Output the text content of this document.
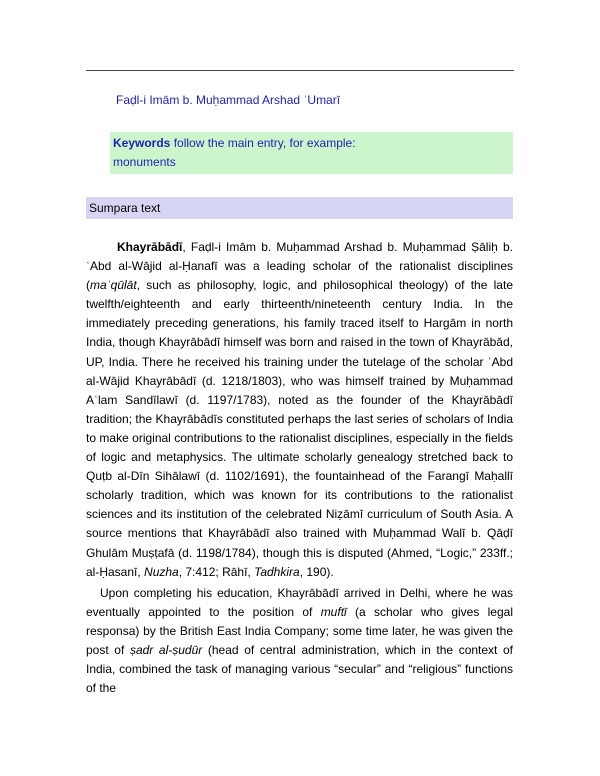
Faḍl-i Imām b. Muḥammad Arshad ʿUmarī
Keywords follow the main entry, for example:
monuments
Sumpara text

Khayrābādī, Faḍl-i Imām b. Muḥammad Arshad b. Muḥammad Ṣāliḥ b. ʿAbd al-Wājid al-Ḥanafī was a leading scholar of the rationalist disciplines (maʿqūlāt, such as philosophy, logic, and philosophical theology) of the late twelfth/eighteenth and early thirteenth/nineteenth century India. In the immediately preceding generations, his family traced itself to Hargām in north India, though Khayrābādī himself was born and raised in the town of Khayrābād, UP, India. There he received his training under the tutelage of the scholar ʿAbd al-Wājid Khayrābādī (d. 1218/1803), who was himself trained by Muḥammad Aʿlam Sandīlawī (d. 1197/1783), noted as the founder of the Khayrābādī tradition; the Khayrābādīs constituted perhaps the last series of scholars of India to make original contributions to the rationalist disciplines, especially in the fields of logic and metaphysics. The ultimate scholarly genealogy stretched back to Quṭb al-Dīn Sihālawī (d. 1102/1691), the fountainhead of the Farangī Maḥallī scholarly tradition, which was known for its contributions to the rationalist sciences and its institution of the celebrated Niẓāmī curriculum of South Asia. A source mentions that Khayrābādī also trained with Muḥammad Walī b. Qāḍī Ghulām Muṣṭafā (d. 1198/1784), though this is disputed (Ahmed, “Logic,” 233ff.; al-Ḥasanī, Nuzha, 7:412; Rāhī, Tadhkira, 190).

Upon completing his education, Khayrābādī arrived in Delhi, where he was eventually appointed to the position of muftī (a scholar who gives legal responsa) by the British East India Company; some time later, he was given the post of ṣadr al-ṣudūr (head of central administration, which in the context of India, combined the task of managing various “secular” and “religious” functions of the
